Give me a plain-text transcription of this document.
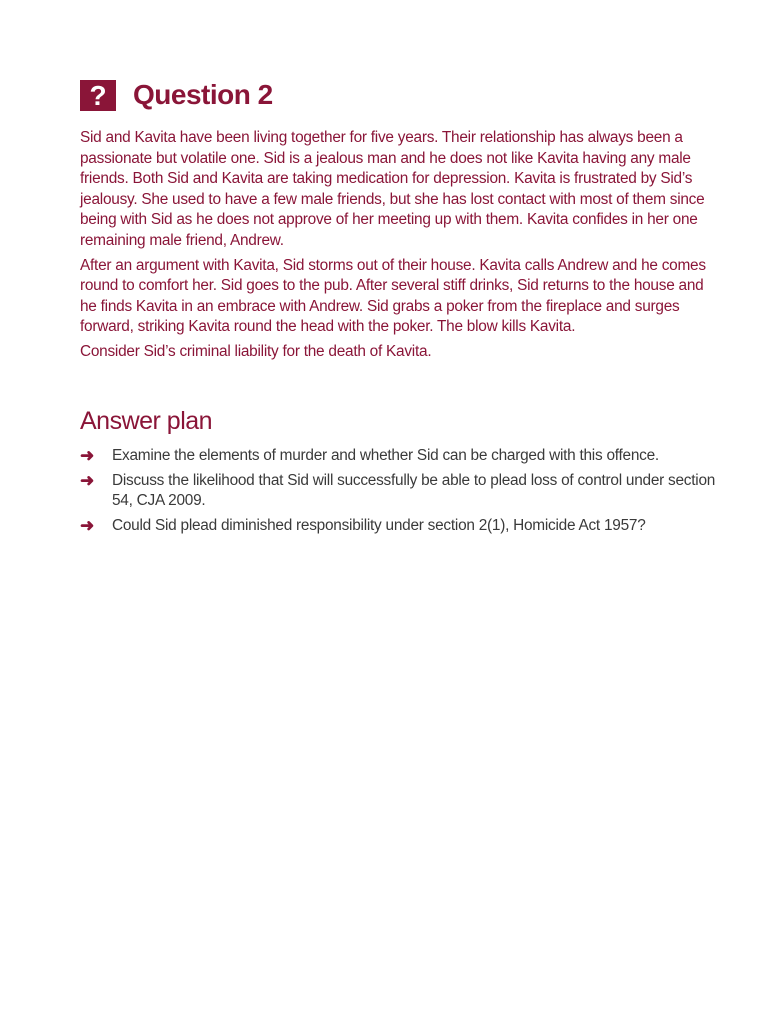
? Question 2

Sid and Kavita have been living together for five years. Their relationship has always been a passionate but volatile one. Sid is a jealous man and he does not like Kavita having any male friends. Both Sid and Kavita are taking medication for depression. Kavita is frustrated by Sid’s jealousy. She used to have a few male friends, but she has lost contact with most of them since being with Sid as he does not approve of her meeting up with them. Kavita confides in her one remaining male friend, Andrew.

After an argument with Kavita, Sid storms out of their house. Kavita calls Andrew and he comes round to comfort her. Sid goes to the pub. After several stiff drinks, Sid returns to the house and he finds Kavita in an embrace with Andrew. Sid grabs a poker from the fireplace and surges forward, striking Kavita round the head with the poker. The blow kills Kavita.

Consider Sid’s criminal liability for the death of Kavita.

Answer plan
➜ Examine the elements of murder and whether Sid can be charged with this offence.
➜ Discuss the likelihood that Sid will successfully be able to plead loss of control under section 54, CJA 2009.
➜ Could Sid plead diminished responsibility under section 2(1), Homicide Act 1957?
